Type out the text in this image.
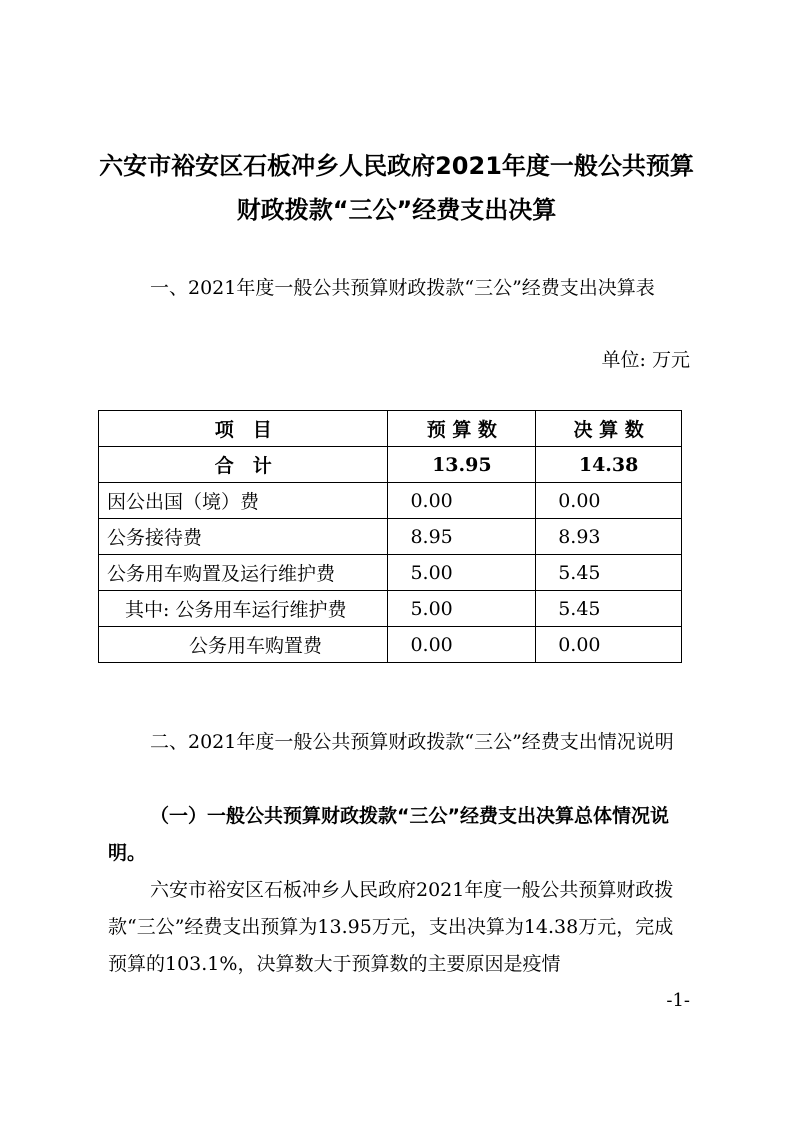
六安市裕安区石板冲乡人民政府2021年度一般公共预算
财政拨款“三公”经费支出决算
一、2021年度一般公共预算财政拨款“三公”经费支出决算表
单位: 万元
项　目	预 算 数	决 算 数
合　计	13.95	14.38
因公出国（境）费	0.00	0.00
公务接待费	8.95	8.93
公务用车购置及运行维护费	5.00	5.45
其中: 公务用车运行维护费	5.00	5.45
公务用车购置费	0.00	0.00
二、2021年度一般公共预算财政拨款“三公”经费支出情况说明
（一）一般公共预算财政拨款“三公”经费支出决算总体情况说明。
六安市裕安区石板冲乡人民政府2021年度一般公共预算财政拨款“三公”经费支出预算为13.95万元，支出决算为14.38万元，完成预算的103.1%，决算数大于预算数的主要原因是疫情
-1-
